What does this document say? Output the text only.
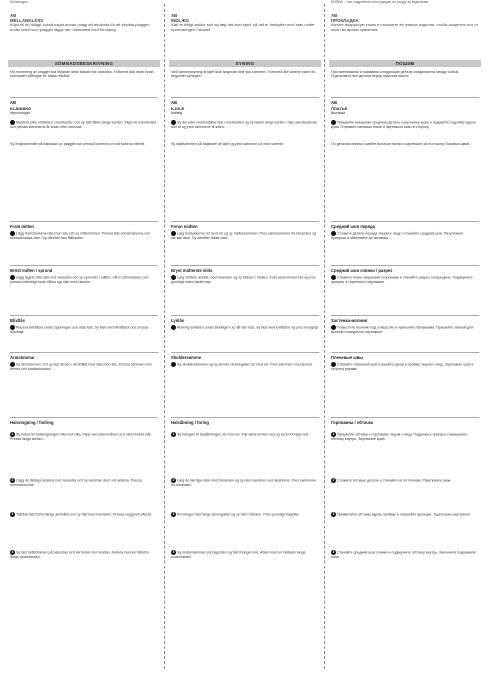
förvaringen.
AB
MELLANKLÄSS
Köps till en tidiggt också nagot annan plagg att använda för att skydda plaggen under tiden som plagget läggs ner i samband med förvaring.
SÖMNADSBESKRIVNING
Vid montering av plagget ska följande delar fästas mot varandra. Förbered alla delar innan sömnaden påbörjas för bästa resultat.
AB
KLÄNNING
Inprovningar
Montera yttre mittdelen i överkanten och sy fast fållen längs kanten. Klipp av överskottet och pressa sömmarna åt sidan efter sömnad.
Sy midjesömmen på baksidan av plagget och pressa sömmen ut mot sidorna efteråt.
Fram mitten
Lägg framstyckena räta mot räta och sy mittsömmen. Pressa isär sömsmånerna och kantsicksacka dem. Sy därefter fast fållkanten.
Bröst mitten / sprund
Lägg tygets räta sida mot varandra och sy sprundet i mitten. Vik in sömsmånen och pressa ordentligt innan fållen sys fast med raksöm.
Blixtlås
Placera blixtlåset under öppningen och nåla fast. Sy fast med blixtlåsfot och pressa försiktigt.
Ärmsömmar
Sy ärmsömmen och sy fast ärmen i ärmhålet med räta mot räta. Pressa sömmen mot ärmen och kantsicksacka.
Halsringning / fodring
1 Sy fodret till halsringningen räta mot räta. Klipp ned sömsmånen och vänd fodret inåt. Pressa längs kanten.
2 Lägg de färdiga delarna mot varandra och sy samman dem vid axlarna. Pressa sömmarna isär.
3 Tråckla fast fodret längs armhålet och sy fast med handsöm. Pressa noggrant efteråt.
4 Sy fast mittsömmen på baksidan och vik fodret mot insidan. Avsluta med en fållsöm längs nederkanten.
AB
INDLÆG
Køb et billigt stykke stof og læg det over tøjet, så det er beskyttet mod støv under opbevaringen i skabet.
SYNING
Ved sammensyning af tøjet skal følgende dele sys sammen. Forbered alle delene inden du begynder syningen.
AB
KJOLE
Indlæg
Sy det ydre midterstykke fast i overkanten og sy falden langs kanten. Klip overskydende stof af og pres sømmene til siden.
Sy taljesømmen på bagsiden af tøjet og pres sømmen ud mod siderne.
Foran midten
Læg forstykkerne ret mod ret og sy midtersømmen. Pres sømrummene fra hinanden og sik-sak dem. Sy derefter falden fast.
Bryst midterste slids
Læg stoffets retside mod hinanden og sy slidsen i midten. Fold sømrummet ind og pres grundigt inden falden sys.
Lynlås
Anbring lynlåsen under åbningen og nål den fast. Sy fast med lynlåsfod og pres forsigtigt.
Skuldersømme
Sy skuldersømmen og sy ærmet i ærmegabet ret mod ret. Pres sømmen mod ærmet.
Halsåbning / foring
1 Sy foringen til halsåbningen ret mod ret. Klip sømrummet ned og vend foringen ind.
2 Læg de færdige dele mod hinanden og sy dem sammen ved skuldrene. Pres sømmene fra hinanden.
3 Ri foringen fast langs ærmegabet og sy fast i hånden. Pres grundigt bagefter.
4 Sy midtersømmen på bagsiden og fold foringen ind. Afslut med en faldsøm langs underkanten.
БИРКА – это подробное инструкция по уходу за изделием.
AB
ПРОКЛАДКА
Купите недорогую ткань и положите её поверх изделия, чтобы защитить его от пыли во время хранения.
ПОШИВ
При сметывании и сшивании следующие детали соединяются между собой. Подготовьте все детали перед началом шитья.
AB
ПЛАТЬЕ
Вытачки
Пришейте внешнюю среднюю деталь к верхнему краю и подшейте подгибку вдоль края. Отрежьте излишки ткани и заутюжьте швы в сторону.
По деталям спинки сшейте вытачки талии и заутюжьте их в сторону боковых швов.
Средний шов переда
Сложите детали переда лицом к лицу и стачайте средний шов. Разутюжьте припуски и обметайте их зигзагом.
Средний шов спинки / разрез
Сложите ткань лицевыми сторонами и стачайте разрез посередине. Подверните припуск и тщательно заутюжьте.
Застежка-молния
Поместите молнию под отверстие и приколите булавками. Пришейте лапкой для молний и аккуратно заутюжьте.
Плечевые швы
Стачайте плечевой шов и вшейте рукав в пройму лицом к лицу. Заутюжьте шов в сторону рукава.
Горловина / обтачка
1 Пришейте обтачку к горловине лицом к лицу. Подрежьте припуск и выверните обтачку внутрь. Заутюжьте край.
2 Сложите готовые детали и стачайте их по плечам. Разутюжьте швы.
3 Приметайте обтачку вдоль проймы и пришейте вручную. Тщательно заутюжьте.
4 Стачайте средний шов спинки и подверните обтачку внутрь. Закончите подшивкой низа.
